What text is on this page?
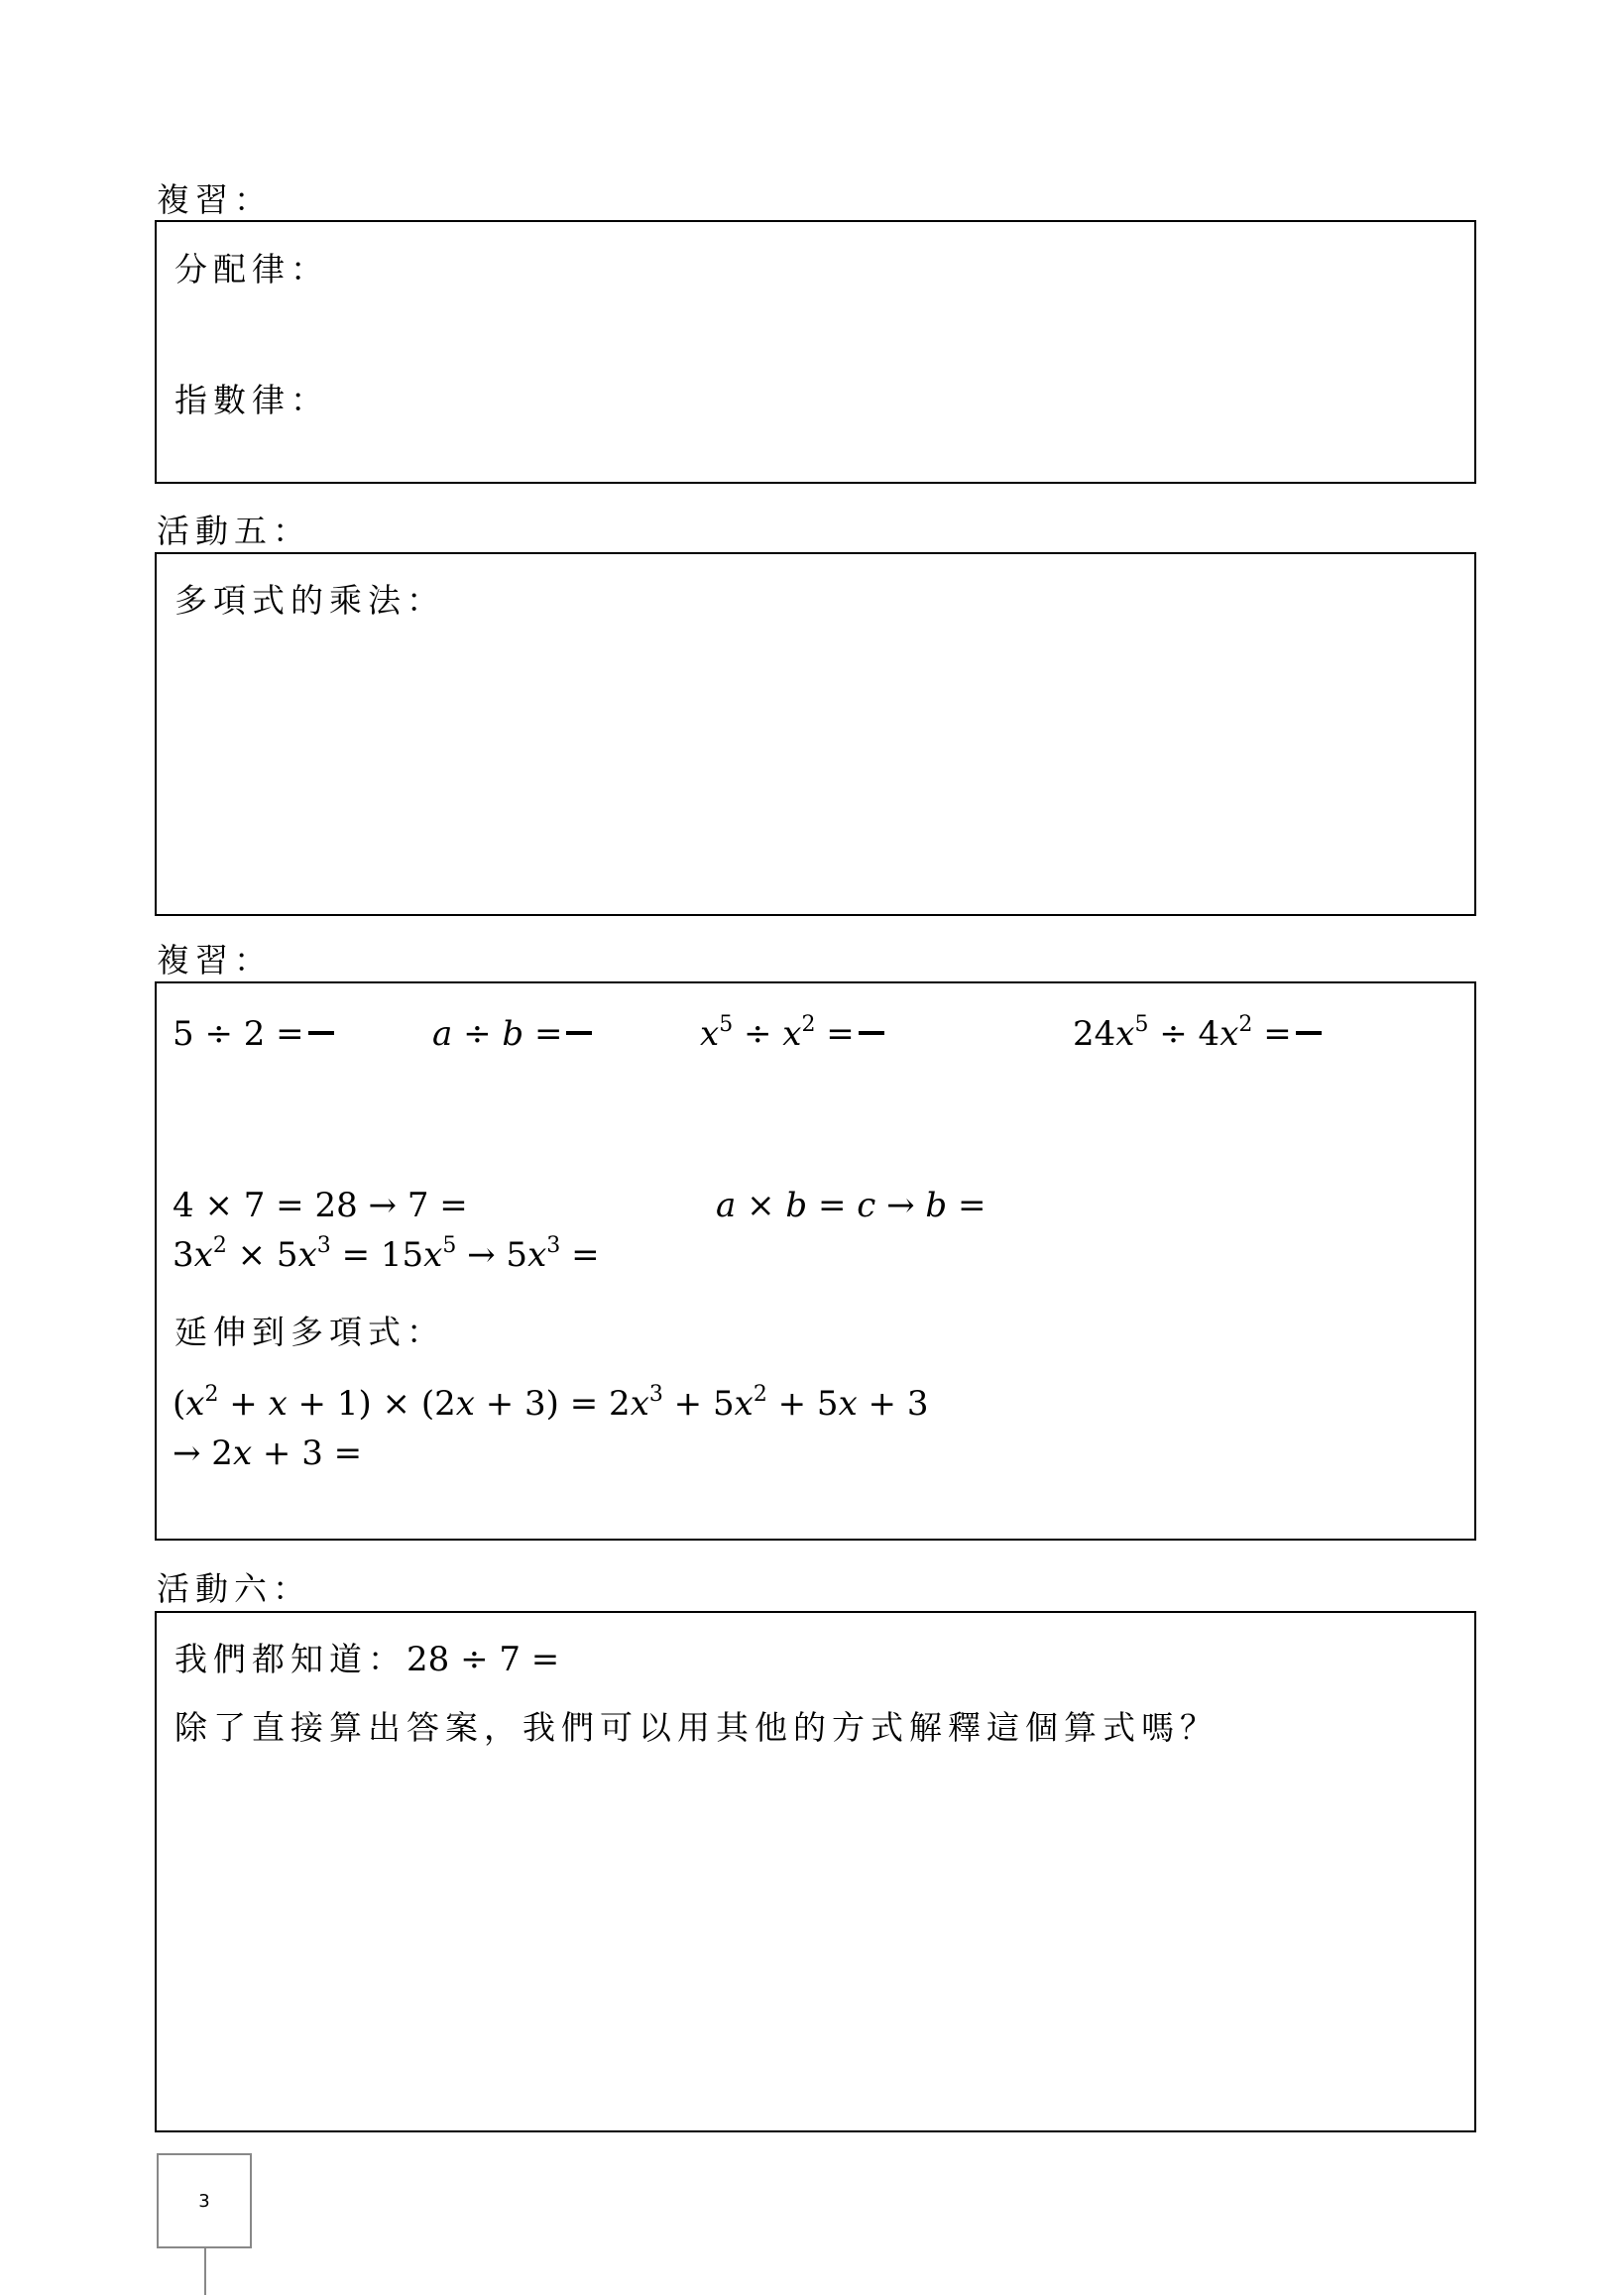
複習：
分配律：
指數律：
活動五：
多項式的乘法：
複習：
5 ÷ 2 =	a ÷ b =	$x^5 \div x^2$ =	$24x^5 \div 4x^2$ =
4 × 7 = 28 → 7 =	a × b = c → b =
$3x^2 \times 5x^3 = 15x^5 \to 5x^3$ =
延伸到多項式：
$(x^2 + x + 1) \times (2x + 3) = 2x^3 + 5x^2 + 5x + 3$
→ 2x + 3 =
活動六：
我們都知道：28 ÷ 7 =
除了直接算出答案，我們可以用其他的方式解釋這個算式嗎？
3
